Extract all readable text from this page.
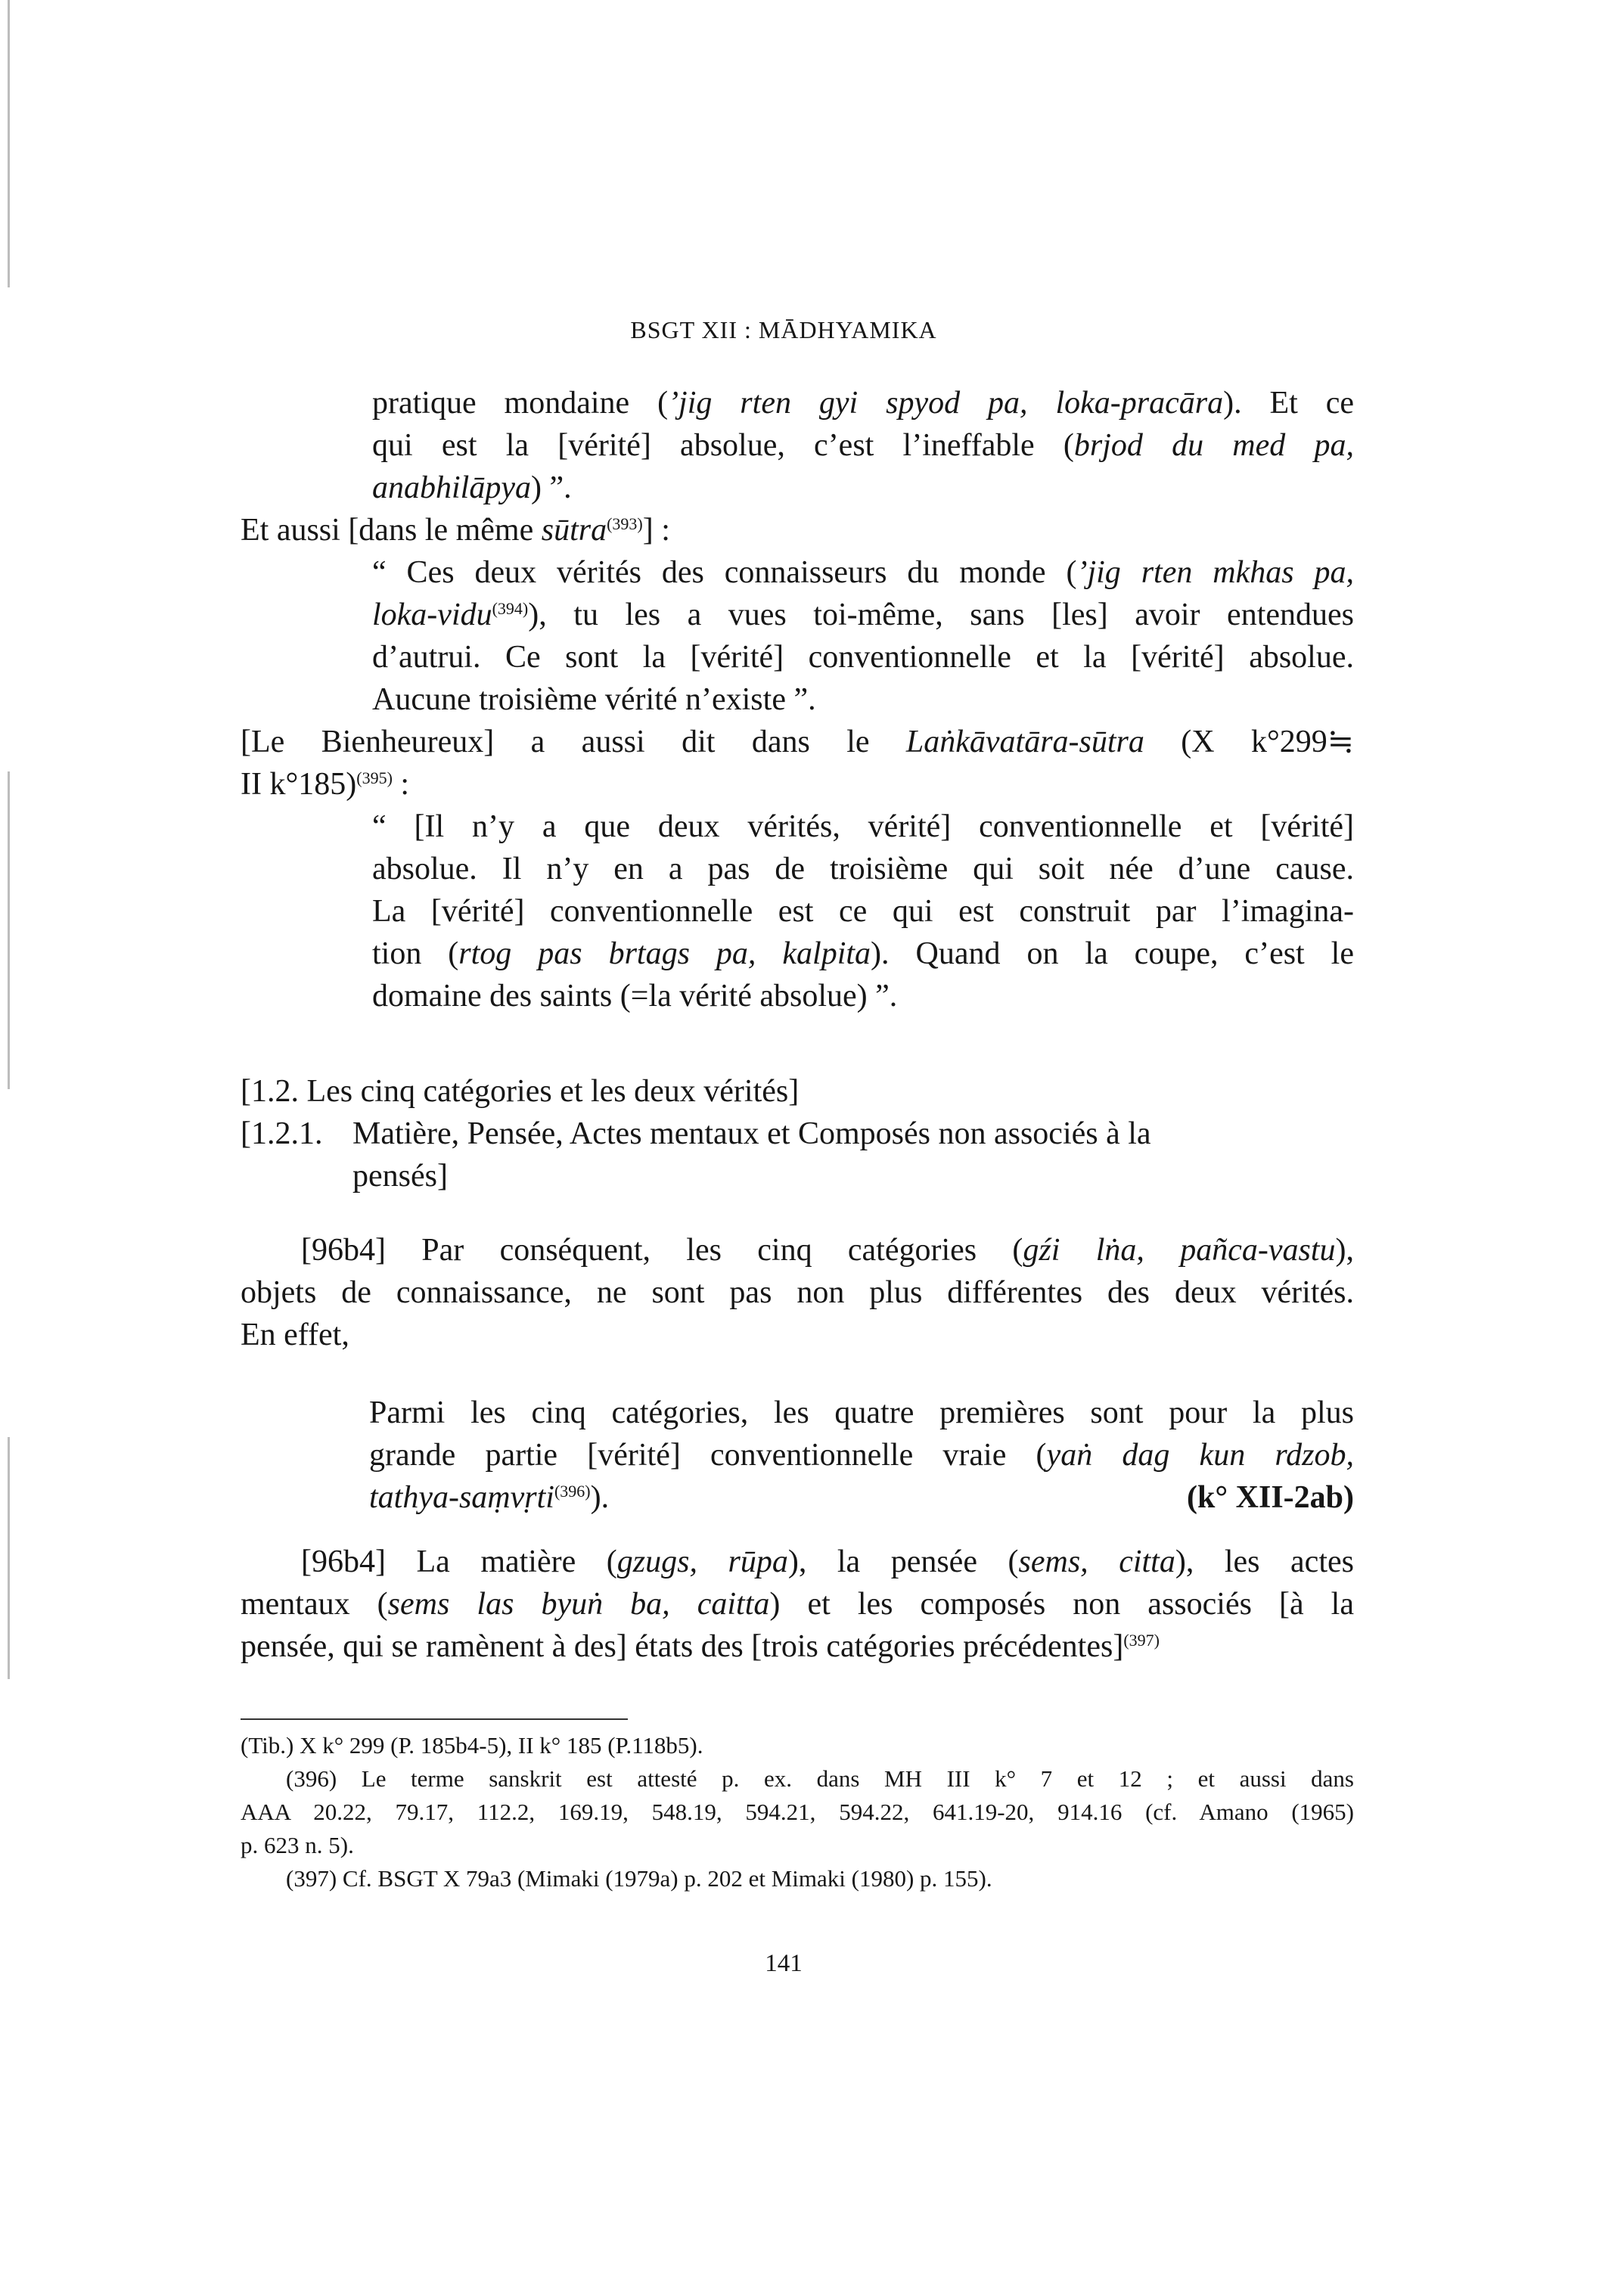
BSGT XII : MĀDHYAMIKA
pratique mondaine (’jig rten gyi spyod pa, loka-pracāra). Et ce
qui est la [vérité] absolue, c’est l’ineffable (brjod du med pa,
anabhilāpya) ”.
Et aussi [dans le même sūtra$^{(393)}$] :
“ Ces deux vérités des connaisseurs du monde (’jig rten mkhas pa,
loka-vidu$^{(394)}$), tu les a vues toi-même, sans [les] avoir entendues
d’autrui. Ce sont la [vérité] conventionnelle et la [vérité] absolue.
Aucune troisième vérité n’existe ”.
[Le Bienheureux] a aussi dit dans le Laṅkāvatāra-sūtra (X k°299≒
II k°185)$^{(395)}$ :
“ [Il n’y a que deux vérités, vérité] conventionnelle et [vérité]
absolue. Il n’y en a pas de troisième qui soit née d’une cause.
La [vérité] conventionnelle est ce qui est construit par l’imagina-
tion (rtog pas brtags pa, kalpita). Quand on la coupe, c’est le
domaine des saints (=la vérité absolue) ”.
[1.2. Les cinq catégories et les deux vérités]
[1.2.1. Matière, Pensée, Actes mentaux et Composés non associés à la
pensés]
[96b4] Par conséquent, les cinq catégories (gźi lṅa, pañca-vastu),
objets de connaissance, ne sont pas non plus différentes des deux vérités.
En effet,
Parmi les cinq catégories, les quatre premières sont pour la plus
grande partie [vérité] conventionnelle vraie (yaṅ dag kun rdzob,
tathya-saṃvṛti$^{(396)}$).	(k° XII-2ab)
[96b4] La matière (gzugs, rūpa), la pensée (sems, citta), les actes
mentaux (sems las byuṅ ba, caitta) et les composés non associés [à la
pensée, qui se ramènent à des] états des [trois catégories précédentes]$^{(397)}$
(Tib.) X k° 299 (P. 185b4-5), II k° 185 (P.118b5).
(396) Le terme sanskrit est attesté p. ex. dans MH III k° 7 et 12 ; et aussi dans
AAA 20.22, 79.17, 112.2, 169.19, 548.19, 594.21, 594.22, 641.19-20, 914.16 (cf. Amano (1965)
p. 623 n. 5).
(397) Cf. BSGT X 79a3 (Mimaki (1979a) p. 202 et Mimaki (1980) p. 155).
141
